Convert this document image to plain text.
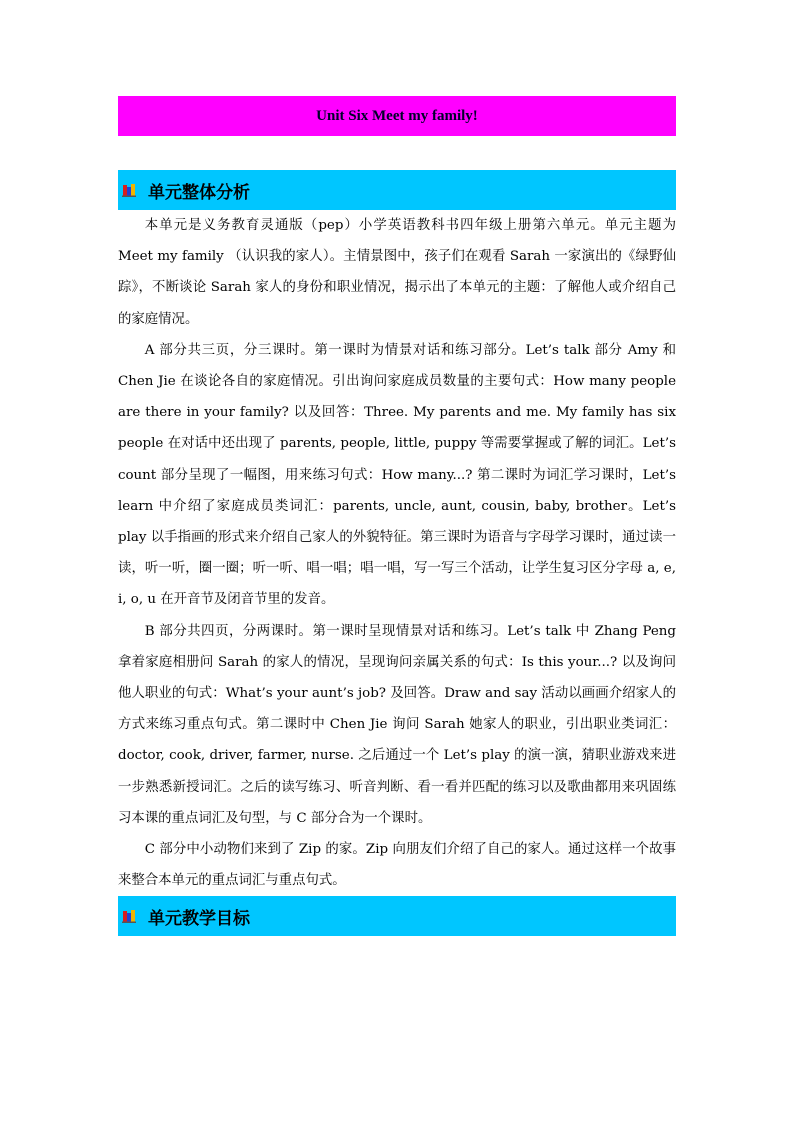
Unit Six Meet my family!
单元整体分析

本单元是义务教育灵通版（pep）小学英语教科书四年级上册第六单元。单元主题为 Meet my family （认识我的家人）。主情景图中，孩子们在观看 Sarah 一家演出的《绿野仙踪》，不断谈论 Sarah 家人的身份和职业情况，揭示出了本单元的主题：了解他人或介绍自己的家庭情况。

A 部分共三页，分三课时。第一课时为情景对话和练习部分。Let’s talk 部分 Amy 和 Chen Jie 在谈论各自的家庭情况。引出询问家庭成员数量的主要句式：How many people are there in your family? 以及回答：Three. My parents and me. My family has six people 在对话中还出现了 parents, people, little, puppy 等需要掌握或了解的词汇。Let’s count 部分呈现了一幅图，用来练习句式：How many...? 第二课时为词汇学习课时，Let’s learn 中介绍了家庭成员类词汇：parents, uncle, aunt, cousin, baby, brother。Let’s play 以手指画的形式来介绍自己家人的外貌特征。第三课时为语音与字母学习课时，通过读一读，听一听，圈一圈；听一听、唱一唱；唱一唱，写一写三个活动，让学生复习区分字母 a, e, i, o, u 在开音节及闭音节里的发音。

B 部分共四页，分两课时。第一课时呈现情景对话和练习。Let’s talk 中 Zhang Peng 拿着家庭相册问 Sarah 的家人的情况，呈现询问亲属关系的句式：Is this your...? 以及询问他人职业的句式：What’s your aunt’s job? 及回答。Draw and say 活动以画画介绍家人的方式来练习重点句式。第二课时中 Chen Jie 询问 Sarah 她家人的职业，引出职业类词汇：doctor, cook, driver, farmer, nurse. 之后通过一个 Let’s play 的演一演，猜职业游戏来进一步熟悉新授词汇。之后的读写练习、听音判断、看一看并匹配的练习以及歌曲都用来巩固练习本课的重点词汇及句型，与 C 部分合为一个课时。

C 部分中小动物们来到了 Zip 的家。Zip 向朋友们介绍了自己的家人。通过这样一个故事来整合本单元的重点词汇与重点句式。

单元教学目标
